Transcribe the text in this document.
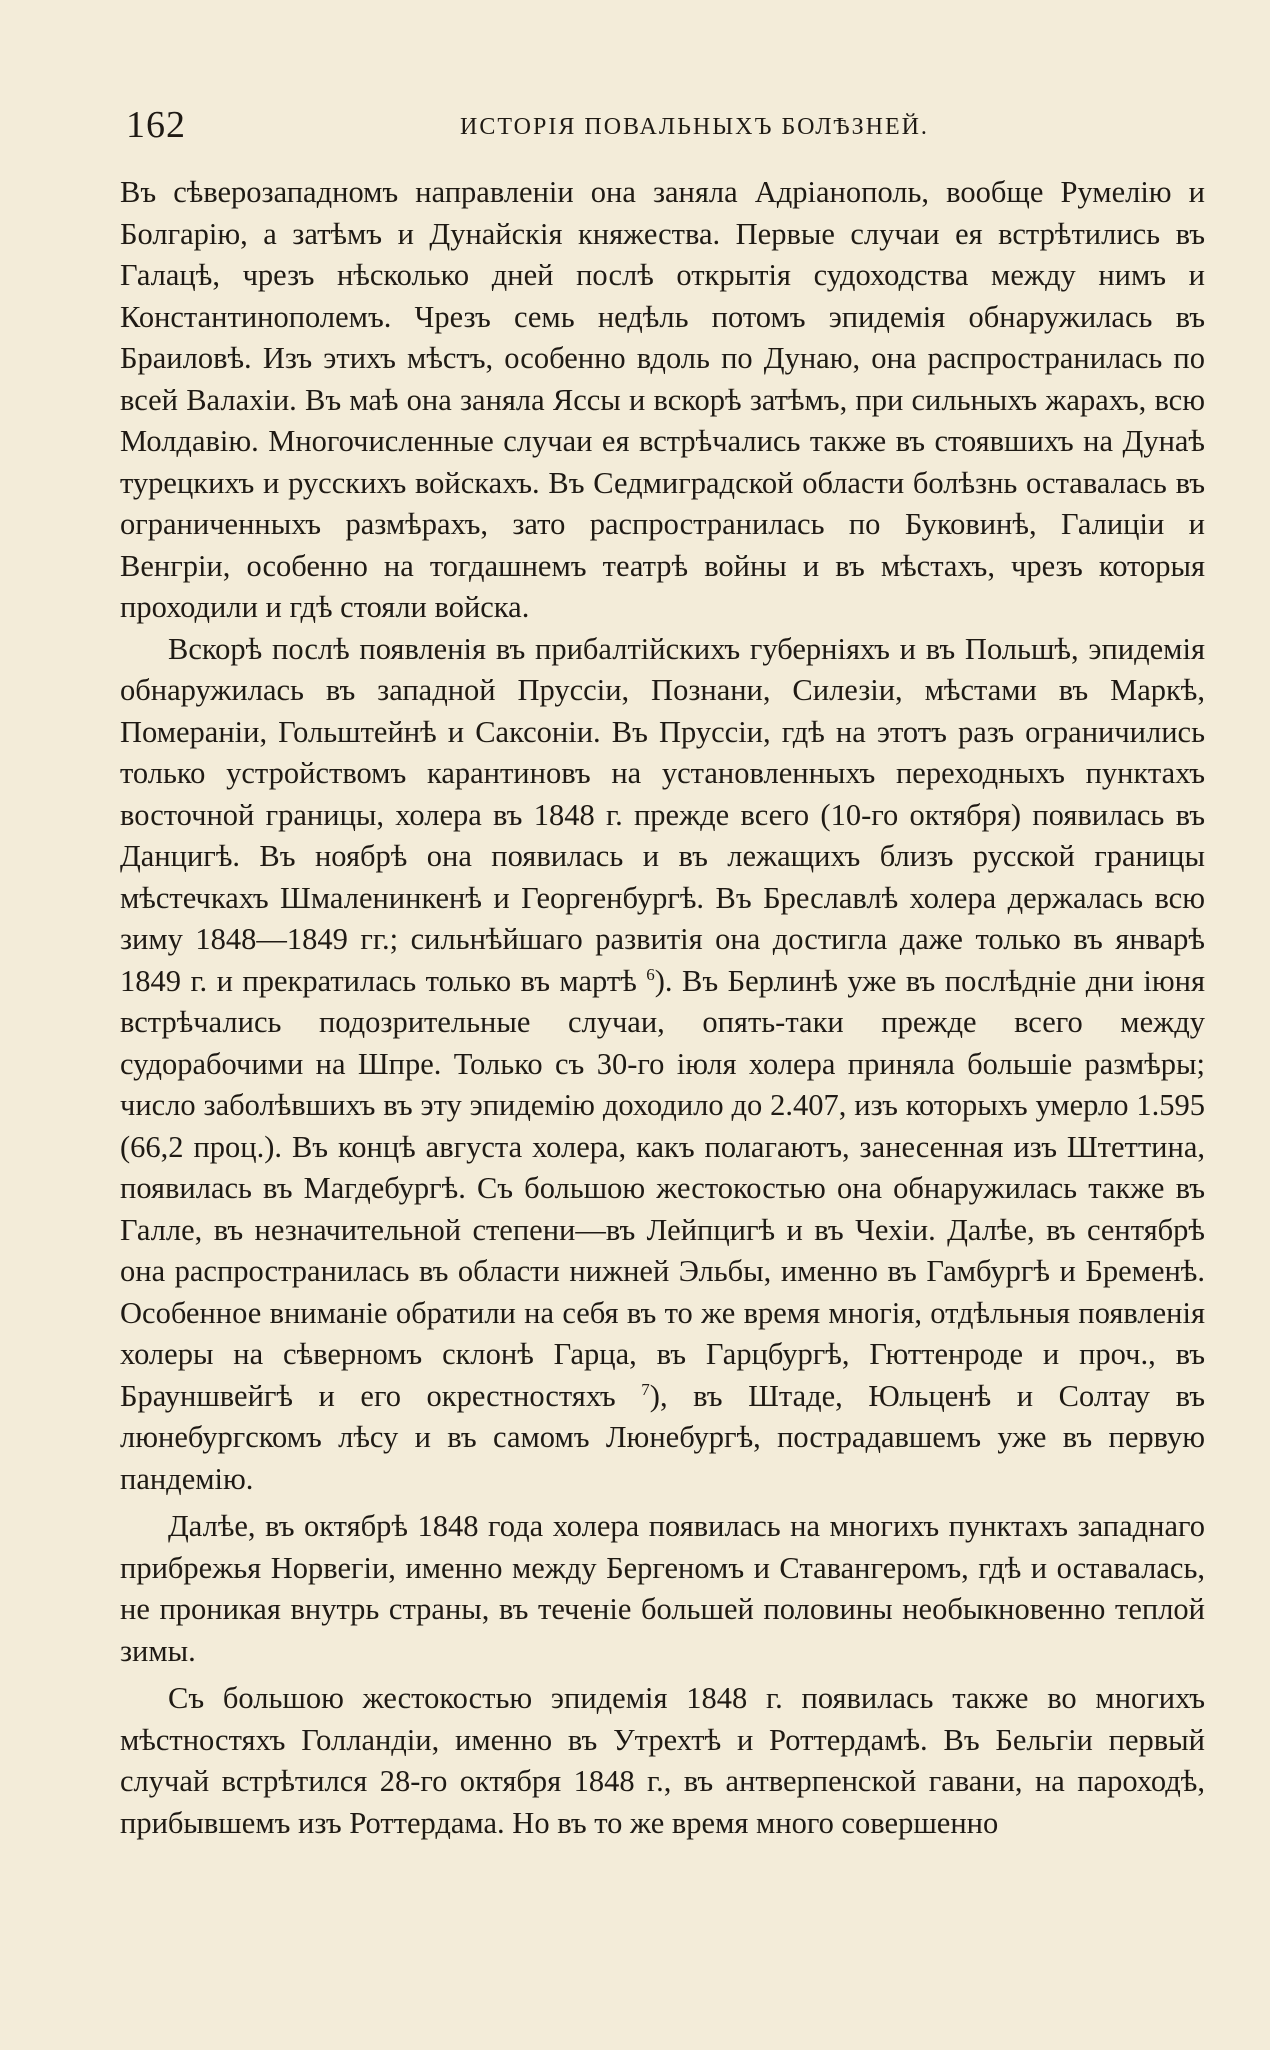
162	ИСТОРІЯ ПОВАЛЬНЫХЪ БОЛѢЗНЕЙ.

Въ сѣверозападномъ направленіи она заняла Адріанополь, вообще Румелію и Болгарію, а затѣмъ и Дунайскія княжества. Первые случаи ея встрѣтились въ Галацѣ, чрезъ нѣсколько дней послѣ открытія судоходства между нимъ и Константинополемъ. Чрезъ семь недѣль потомъ эпидемія обнаружилась въ Браиловѣ. Изъ этихъ мѣстъ, особенно вдоль по Дунаю, она распространилась по всей Валахіи. Въ маѣ она заняла Яссы и вскорѣ затѣмъ, при сильныхъ жарахъ, всю Молдавію. Многочисленные случаи ея встрѣчались также въ стоявшихъ на Дунаѣ турецкихъ и русскихъ войскахъ. Въ Седмиградской области болѣзнь оставалась въ ограниченныхъ размѣрахъ, зато распространилась по Буковинѣ, Галиціи и Венгріи, особенно на тогдашнемъ театрѣ войны и въ мѣстахъ, чрезъ которыя проходили и гдѣ стояли войска.

Вскорѣ послѣ появленія въ прибалтійскихъ губерніяхъ и въ Польшѣ, эпидемія обнаружилась въ западной Пруссіи, Познани, Силезіи, мѣстами въ Маркѣ, Помераніи, Гольштейнѣ и Саксоніи. Въ Пруссіи, гдѣ на этотъ разъ ограничились только устройствомъ карантиновъ на установленныхъ переходныхъ пунктахъ восточной границы, холера въ 1848 г. прежде всего (10-го октября) появилась въ Данцигѣ. Въ ноябрѣ она появилась и въ лежащихъ близъ русской границы мѣстечкахъ Шмаленинкенѣ и Георгенбургѣ. Въ Бреславлѣ холера держалась всю зиму 1848—1849 гг.; сильнѣйшаго развитія она достигла даже только въ январѣ 1849 г. и прекратилась только въ мартѣ $^6$). Въ Берлинѣ уже въ послѣдніе дни іюня встрѣчались подозрительные случаи, опять-таки прежде всего между судорабочими на Шпре. Только съ 30-го іюля холера приняла большіе размѣры; число заболѣвшихъ въ эту эпидемію доходило до 2.407, изъ которыхъ умерло 1.595 (66,2 проц.). Въ концѣ августа холера, какъ полагаютъ, занесенная изъ Штеттина, появилась въ Магдебургѣ. Съ большою жестокостью она обнаружилась также въ Галле, въ незначительной степени—въ Лейпцигѣ и въ Чехіи. Далѣе, въ сентябрѣ она распространилась въ области нижней Эльбы, именно въ Гамбургѣ и Бременѣ. Особенное вниманіе обратили на себя въ то же время многія, отдѣльныя появленія холеры на сѣверномъ склонѣ Гарца, въ Гарцбургѣ, Гюттенроде и проч., въ Брауншвейгѣ и его окрестностяхъ $^7$), въ Штаде, Юльценѣ и Солтау въ люнебургскомъ лѣсу и въ самомъ Люнебургѣ, пострадавшемъ уже въ первую пандемію.

Далѣе, въ октябрѣ 1848 года холера появилась на многихъ пунктахъ западнаго прибрежья Норвегіи, именно между Бергеномъ и Ставангеромъ, гдѣ и оставалась, не проникая внутрь страны, въ теченіе большей половины необыкновенно теплой зимы.

Съ большою жестокостью эпидемія 1848 г. появилась также во многихъ мѣстностяхъ Голландіи, именно въ Утрехтѣ и Роттердамѣ. Въ Бельгіи первый случай встрѣтился 28-го октября 1848 г., въ антверпенской гавани, на пароходѣ, прибывшемъ изъ Роттердама. Но въ то же время много совершенно
